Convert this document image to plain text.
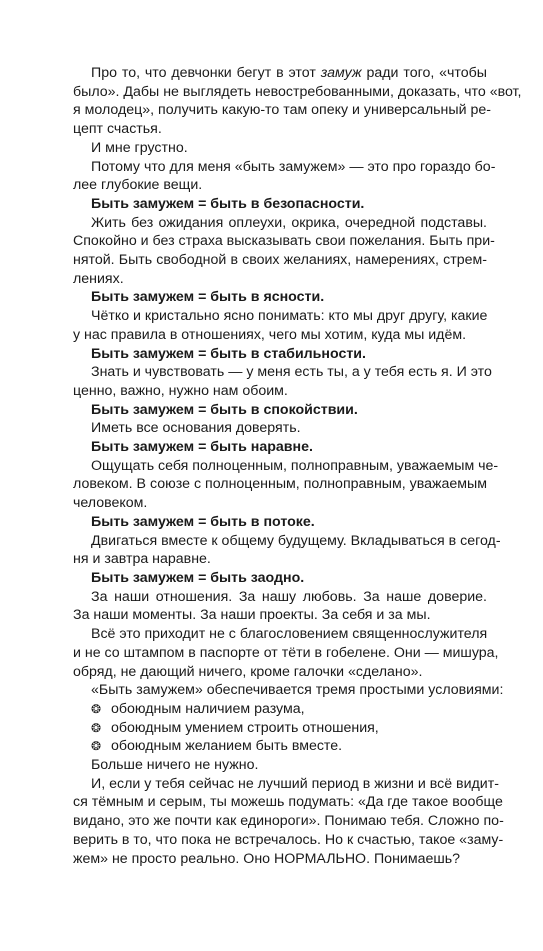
Про то, что девчонки бегут в этот замуж ради того, «чтобы
было». Дабы не выглядеть невостребованными, доказать, что «вот,
я молодец», получить какую-то там опеку и универсальный ре-
цепт счастья.
И мне грустно.
Потому что для меня «быть замужем» — это про гораздо бо-
лее глубокие вещи.
Быть замужем = быть в безопасности.
Жить без ожидания оплеухи, окрика, очередной подставы.
Спокойно и без страха высказывать свои пожелания. Быть при-
нятой. Быть свободной в своих желаниях, намерениях, стрем-
лениях.
Быть замужем = быть в ясности.
Чётко и кристально ясно понимать: кто мы друг другу, какие
у нас правила в отношениях, чего мы хотим, куда мы идём.
Быть замужем = быть в стабильности.
Знать и чувствовать — у меня есть ты, а у тебя есть я. И это
ценно, важно, нужно нам обоим.
Быть замужем = быть в спокойствии.
Иметь все основания доверять.
Быть замужем = быть наравне.
Ощущать себя полноценным, полноправным, уважаемым че-
ловеком. В союзе с полноценным, полноправным, уважаемым
человеком.
Быть замужем = быть в потоке.
Двигаться вместе к общему будущему. Вкладываться в сегод-
ня и завтра наравне.
Быть замужем = быть заодно.
За наши отношения. За нашу любовь. За наше доверие.
За наши моменты. За наши проекты. За себя и за мы.
Всё это приходит не с благословением священнослужителя
и не со штампом в паспорте от тёти в гобелене. Они — мишура,
обряд, не дающий ничего, кроме галочки «сделано».
«Быть замужем» обеспечивается тремя простыми условиями:
❂ обоюдным наличием разума,
❂ обоюдным умением строить отношения,
❂ обоюдным желанием быть вместе.
Больше ничего не нужно.
И, если у тебя сейчас не лучший период в жизни и всё видит-
ся тёмным и серым, ты можешь подумать: «Да где такое вообще
видано, это же почти как единороги». Понимаю тебя. Сложно по-
верить в то, что пока не встречалось. Но к счастью, такое «заму-
жем» не просто реально. Оно НОРМАЛЬНО. Понимаешь?
